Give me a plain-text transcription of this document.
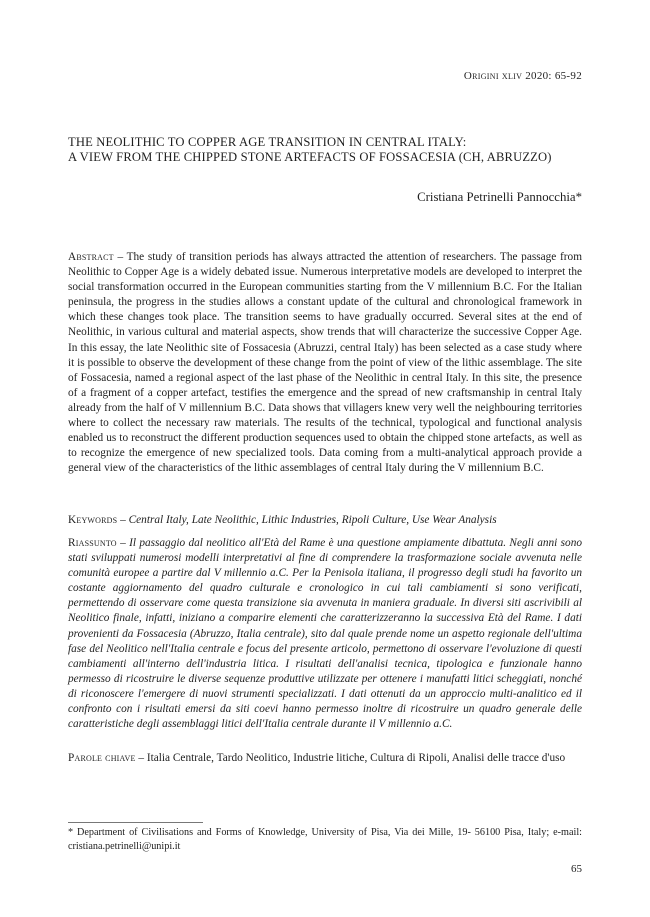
Origini xliv 2020: 65-92
THE NEOLITHIC TO COPPER AGE TRANSITION IN CENTRAL ITALY:
A VIEW FROM THE CHIPPED STONE ARTEFACTS OF FOSSACESIA (CH, ABRUZZO)
Cristiana Petrinelli Pannocchia*

Abstract – The study of transition periods has always attracted the attention of researchers. The passage from Neolithic to Copper Age is a widely debated issue. Numerous interpretative models are developed to interpret the social transformation occurred in the European communities starting from the V millennium B.C. For the Italian peninsula, the progress in the studies allows a constant update of the cultural and chronological framework in which these changes took place. The transition seems to have gradually occurred. Several sites at the end of Neolithic, in various cultural and material aspects, show trends that will characterize the successive Copper Age. In this essay, the late Neolithic site of Fossacesia (Abruzzi, central Italy) has been selected as a case study where it is possible to observe the development of these change from the point of view of the lithic assemblage. The site of Fossacesia, named a regional aspect of the last phase of the Neolithic in central Italy. In this site, the presence of a fragment of a copper artefact, testifies the emergence and the spread of new craftsmanship in central Italy already from the half of V millennium B.C. Data shows that villagers knew very well the neighbouring territories where to collect the necessary raw materials. The results of the technical, typological and functional analysis enabled us to reconstruct the different production sequences used to obtain the chipped stone artefacts, as well as to recognize the emergence of new specialized tools. Data coming from a multi-analytical approach provide a general view of the characteristics of the lithic assemblages of central Italy during the V millennium B.C.

Keywords – Central Italy, Late Neolithic, Lithic Industries, Ripoli Culture, Use Wear Analysis

Riassunto – Il passaggio dal neolitico all'Età del Rame è una questione ampiamente dibattuta. Negli anni sono stati sviluppati numerosi modelli interpretativi al fine di comprendere la trasformazione sociale avvenuta nelle comunità europee a partire dal V millennio a.C. Per la Penisola italiana, il progresso degli studi ha favorito un costante aggiornamento del quadro culturale e cronologico in cui tali cambiamenti si sono verificati, permettendo di osservare come questa transizione sia avvenuta in maniera graduale. In diversi siti ascrivibili al Neolitico finale, infatti, iniziano a comparire elementi che caratterizzeranno la successiva Età del Rame. I dati provenienti da Fossacesia (Abruzzo, Italia centrale), sito dal quale prende nome un aspetto regionale dell'ultima fase del Neolitico nell'Italia centrale e focus del presente articolo, permettono di osservare l'evoluzione di questi cambiamenti all'interno dell'industria litica. I risultati dell'analisi tecnica, tipologica e funzionale hanno permesso di ricostruire le diverse sequenze produttive utilizzate per ottenere i manufatti litici scheggiati, nonché di riconoscere l'emergere di nuovi strumenti specializzati. I dati ottenuti da un approccio multi-analitico ed il confronto con i risultati emersi da siti coevi hanno permesso inoltre di ricostruire un quadro generale delle caratteristiche degli assemblaggi litici dell'Italia centrale durante il V millennio a.C.

Parole chiave – Italia Centrale, Tardo Neolitico, Industrie litiche, Cultura di Ripoli, Analisi delle tracce d'uso

* Department of Civilisations and Forms of Knowledge, University of Pisa, Via dei Mille, 19- 56100 Pisa, Italy; e-mail: cristiana.petrinelli@unipi.it

65
